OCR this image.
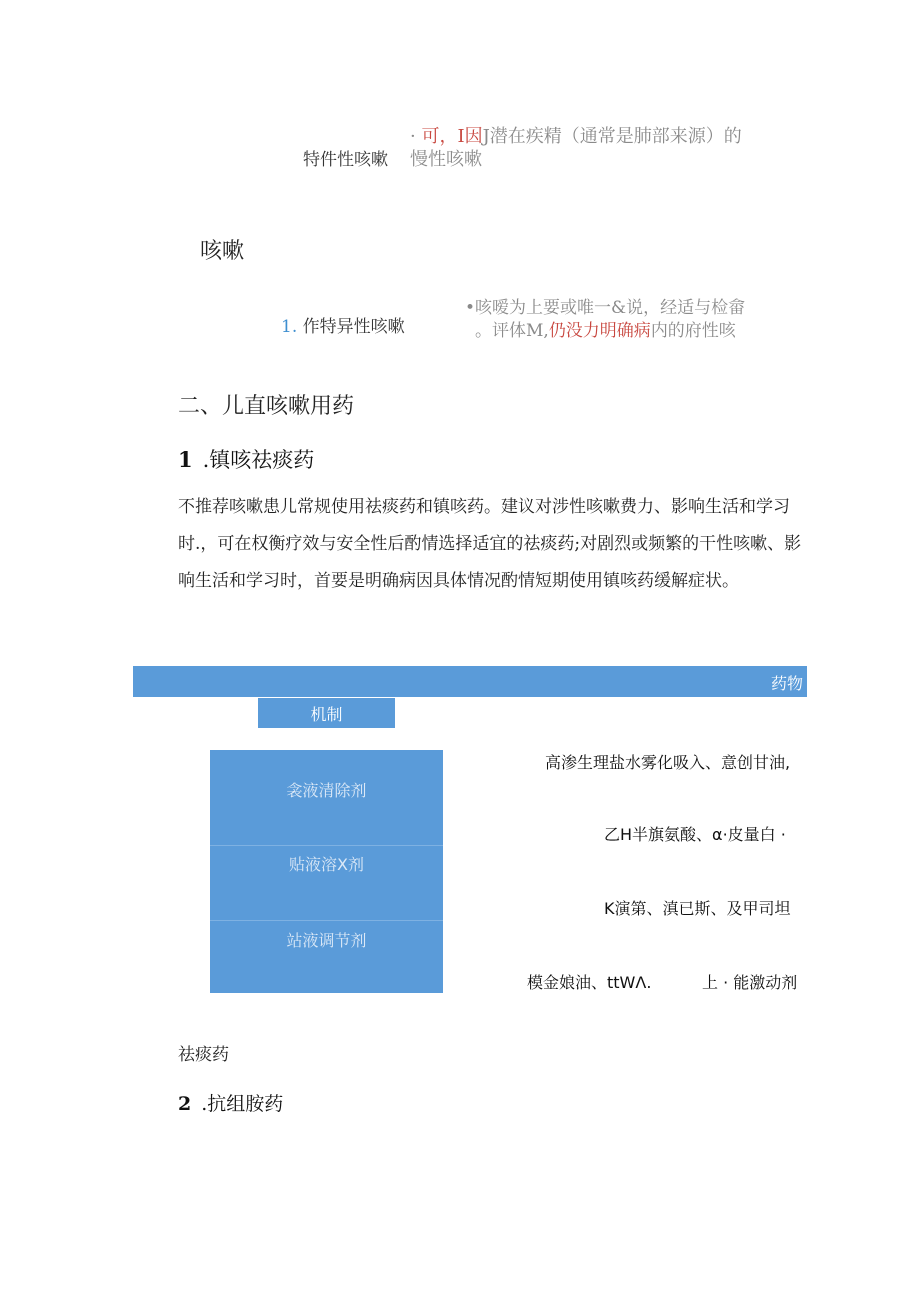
特件性咳嗽
· 可，I因J潜在疾精（通常是肺部来源）的
慢性咳嗽
咳嗽
1. 作特异性咳嗽
•咳嗳为上要或唯一&说，经适与检畲
。评体M,仍没力明确病内的府性咳
二、儿直咳嗽用药
1 .镇咳祛痰药
不推荐咳嗽患儿常规使用祛痰药和镇咳药。建议对涉性咳嗽费力、影响生活和学习时.，可在权衡疗效与安全性后酌情选择适宜的祛痰药;对剧烈或频繁的干性咳嗽、影响生活和学习时，首要是明确病因具体情况酌情短期使用镇咳药缓解症状。
药物
机制
衾液清除剂
贴液溶X剂
站液调节剂
高渗生理盐水雾化吸入、意创甘油,
乙H半旗氨酸、α·皮量白 ·
K演第、滇已斯、及甲司坦
模金娘油、ttWΛ.	上 · 能激动剂
祛痰药
2 .抗组胺药
